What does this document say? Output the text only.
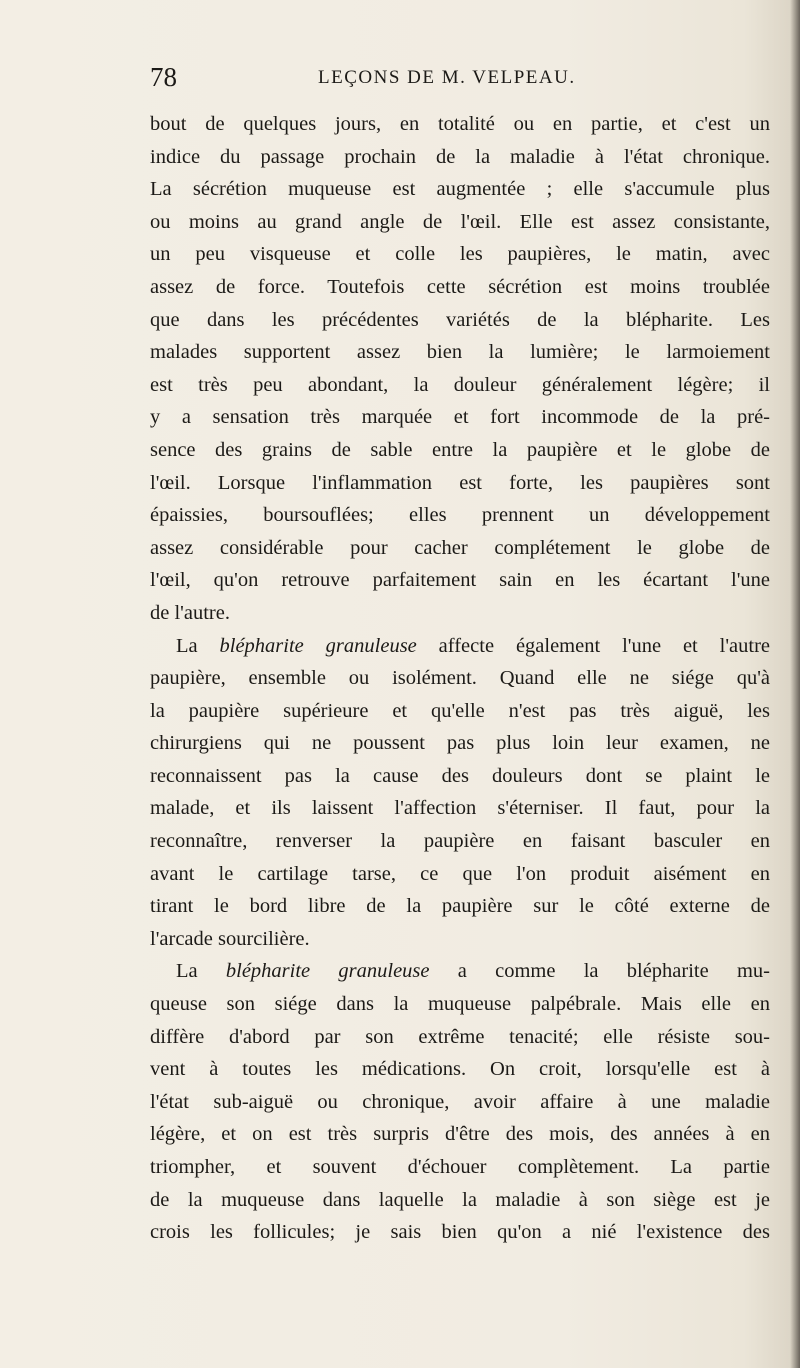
78	LEÇONS DE M. VELPEAU.
bout de quelques jours, en totalité ou en partie, et c'est un
indice du passage prochain de la maladie à l'état chronique.
La sécrétion muqueuse est augmentée ; elle s'accumule plus
ou moins au grand angle de l'œil. Elle est assez consistante,
un peu visqueuse et colle les paupières, le matin, avec
assez de force. Toutefois cette sécrétion est moins troublée
que dans les précédentes variétés de la blépharite. Les
malades supportent assez bien la lumière; le larmoiement
est très peu abondant, la douleur généralement légère; il
y a sensation très marquée et fort incommode de la pré-
sence des grains de sable entre la paupière et le globe de
l'œil. Lorsque l'inflammation est forte, les paupières sont
épaissies, boursouflées; elles prennent un développement
assez considérable pour cacher complétement le globe de
l'œil, qu'on retrouve parfaitement sain en les écartant l'une
de l'autre.
La blépharite granuleuse affecte également l'une et l'autre
paupière, ensemble ou isolément. Quand elle ne siége qu'à
la paupière supérieure et qu'elle n'est pas très aiguë, les
chirurgiens qui ne poussent pas plus loin leur examen, ne
reconnaissent pas la cause des douleurs dont se plaint le
malade, et ils laissent l'affection s'éterniser. Il faut, pour la
reconnaître, renverser la paupière en faisant basculer en
avant le cartilage tarse, ce que l'on produit aisément en
tirant le bord libre de la paupière sur le côté externe de
l'arcade sourcilière.
La blépharite granuleuse a comme la blépharite mu-
queuse son siége dans la muqueuse palpébrale. Mais elle en
diffère d'abord par son extrême tenacité; elle résiste sou-
vent à toutes les médications. On croit, lorsqu'elle est à
l'état sub-aiguë ou chronique, avoir affaire à une maladie
légère, et on est très surpris d'être des mois, des années à en
triompher, et souvent d'échouer complètement. La partie
de la muqueuse dans laquelle la maladie à son siège est je
crois les follicules; je sais bien qu'on a nié l'existence des
